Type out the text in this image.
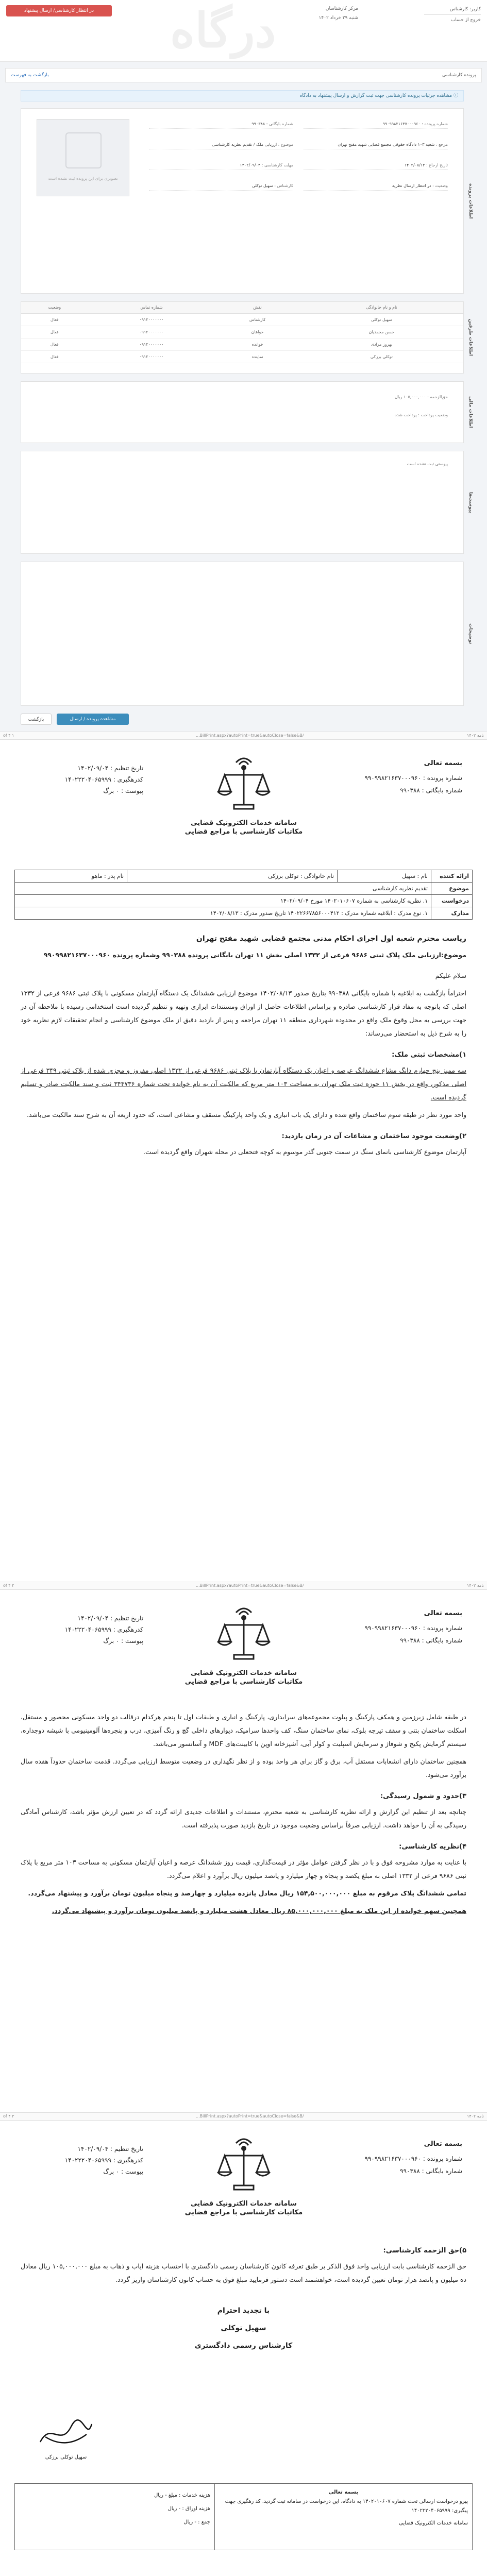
درگاه
در انتظار کارشناسی/ ارسال پیشنهاد	مرکز کارشناسان
شنبه ۲۹ خرداد ۱۴۰۲
کاربر: کارشناس
خروج از حساب
پرونده کارشناسی
بازگشت به فهرست
ⓘ مشاهده جزئیات پرونده کارشناسی جهت ثبت گزارش و ارسال پیشنهاد به دادگاه
اطلاعات پرونده
تصویری برای این پرونده ثبت نشده است
شماره پرونده : ۹۹۰۹۹۸۲۱۶۳۷۰۰۰۹۶۰
شماره بایگانی : ۹۹۰۳۸۸
مرجع : شعبه ۱۰۳ دادگاه حقوقی مجتمع قضایی شهید مفتح تهران
موضوع : ارزیابی ملک / تقدیم نظریه کارشناسی
تاریخ ارجاع : ۱۴۰۲/۰۸/۱۳
مهلت کارشناسی : ۱۴۰۲/۰۹/۰۴
وضعیت : در انتظار ارسال نظریه
کارشناس : سهیل توکلی
اطلاعات طرفین
نام و نام خانوادگی	نقش	شماره تماس	وضعیت
سهیل توکلی	کارشناس	۰۹۱۲۰۰۰۰۰۰۰	فعال
حسن محمدیان	خواهان	۰۹۱۲۰۰۰۰۰۰۰	فعال
بهروز مرادی	خوانده	۰۹۱۲۰۰۰۰۰۰۰	فعال
توکلی برزکی	نماینده	۰۹۱۲۰۰۰۰۰۰۰	فعال
اطلاعات مالی
حق‌الزحمه : ۱۰۵,۰۰۰,۰۰۰ ریال
وضعیت پرداخت : پرداخت شده
پیوست‌ها
پیوستی ثبت نشده است
توضیحات
بازگشت	مشاهده پرونده / ارسال
۱ of ۴	/BillPrint.aspx?autoPrint=true&autoClose=false&B...	نامه ۱۴۰۲
بسمه تعالی
شماره پرونده : ۹۹۰۹۹۸۲۱۶۳۷۰۰۰۹۶۰
شماره بایگانی : ۹۹۰۳۸۸
سامانه خدمات الکترونیک قضایی
مکاتبات کارشناسی با مراجع قضایی
تاریخ تنظیم : ۱۴۰۲/۰۹/۰۴
کدرهگیری : ۱۴۰۲۲۲۰۴۰۶۵۹۹۹
پیوست : ۰ برگ
ارائه کننده	نام : سهیل	نام خانوادگی : توکلی برزکی	نام پدر : ماهو
موضوع	تقدیم نظریه کارشناسی		
درخواست	۱. نظریه کارشناسی به شماره ۱۴۰۲۰۱۰۶۰۷ مورخ ۱۴۰۲/۰۹/۰۴		
مدارک	۱. نوع مدرک : ابلاغیه شماره مدرک : ۱۴۰۲۲۶۶۷۸۵۶۰۰۰۴۱۲ تاریخ صدور مدرک : ۱۴۰۲/۰۸/۱۳		
ریاست محترم شعبه اول اجرای احکام مدنی مجتمع قضایی شهید مفتح تهران

موضوع:ارزیابی ملک پلاک ثبتی ۹۶۸۶ فرعی از ۱۳۳۲ اصلی بخش ۱۱ تهران بایگانی پرونده ۹۹۰۳۸۸ وشماره پرونده ۹۹۰۹۹۸۲۱۶۳۷۰۰۰۹۶۰

سلام علیکم

احتراماً بازگشت به ابلاغیه با شماره بایگانی ۹۹۰۳۸۸ بتاریخ صدور ۱۴۰۲/۰۸/۱۳ موضوع ارزیابی ششدانگ یک دستگاه آپارتمان مسکونی با پلاک ثبتی ۹۶۸۶ فرعی از ۱۳۳۲ اصلی که باتوجه به مفاد قرار کارشناسی صادره و براساس اطلاعات حاصل از اوراق ومستندات ابرازی وتهیه و تنظیم گردیده است استخدامی رسیده با ملاحظه آن در جهت بررسی به محل وقوع ملک واقع در محدوده شهرداری منطقه ۱۱ تهران مراجعه و پس از بازدید دقیق از ملک موضوع کارشناسی و انجام تحقیقات لازم نظریه خود را به شرح ذیل به استحضار می‌رساند:

۱)مشخصات ثبتی ملک:

سه ممیز پنج چهارم دانگ مشاع ششدانگ عرصه و اعیان یک دستگاه آپارتمان با پلاک ثبتی ۹۶۸۶ فرعی از ۱۳۳۲ اصلی مفروز و مجزی شده از پلاک ثبتی ۳۴۹ فرعی از اصلی مذکور، واقع در بخش ۱۱ حوزه ثبت ملک تهران به مساحت ۱۰۳ متر مربع که مالکیت آن به نام خوانده تحت شماره ۳۴۴۷۳۶ ثبت و سند مالکیت صادر و تسلیم گردیده است.

واحد مورد نظر در طبقه سوم ساختمان واقع شده و دارای یک باب انباری و یک واحد پارکینگ مسقف و مشاعی است، که حدود اربعه آن به شرح سند مالکیت می‌باشد.

۲)وضعیت موجود ساختمان و مشاعات آن در زمان بازدید:

آپارتمان موضوع کارشناسی بانمای سنگ در سمت جنوبی گذر موسوم به کوچه فتحعلی در محله شهران واقع گردیده است.

۲ of ۴	/BillPrint.aspx?autoPrint=true&autoClose=false&B...	نامه ۱۴۰۲
بسمه تعالی
شماره پرونده : ۹۹۰۹۹۸۲۱۶۳۷۰۰۰۹۶۰
شماره بایگانی : ۹۹۰۳۸۸
سامانه خدمات الکترونیک قضایی
مکاتبات کارشناسی با مراجع قضایی
تاریخ تنظیم : ۱۴۰۲/۰۹/۰۴
کدرهگیری : ۱۴۰۲۲۲۰۴۰۶۵۹۹۹
پیوست : ۰ برگ

در طبقه شامل زیرزمین و همکف پارکینگ و پیلوت مجموعه‌های سرایداری، پارکینگ و انباری و طبقات اول تا پنجم هرکدام درقالب دو واحد مسکونی محصور و مستقل، اسکلت ساختمان بتنی و سقف تیرچه بلوک، نمای ساختمان سنگ، کف واحدها سرامیک، دیوارهای داخلی گچ و رنگ آمیزی، درب و پنجره‌ها آلومینیومی با شیشه دوجداره، سیستم گرمایش پکیج و شوفاژ و سرمایش اسپلیت و کولر آبی، آشپزخانه اوپن با کابینت‌های MDF و آسانسور می‌باشد.

همچنین ساختمان دارای انشعابات مستقل آب، برق و گاز برای هر واحد بوده و از نظر نگهداری در وضعیت متوسط ارزیابی می‌گردد. قدمت ساختمان حدوداً هفده سال برآورد می‌شود.

۳)حدود و شمول رسیدگی:

چنانچه بعد از تنظیم این گزارش و ارائه نظریه کارشناسی به شعبه محترم، مستندات و اطلاعات جدیدی ارائه گردد که در تعیین ارزش مؤثر باشد، کارشناس آمادگی رسیدگی به آن را خواهد داشت. ارزیابی صرفاً براساس وضعیت موجود در تاریخ بازدید صورت پذیرفته است.

۴)نظریه کارشناسی:

با عنایت به موارد مشروحه فوق و با در نظر گرفتن عوامل مؤثر در قیمت‌گذاری، قیمت روز ششدانگ عرصه و اعیان آپارتمان مسکونی به مساحت ۱۰۳ متر مربع با پلاک ثبتی ۹۶۸۶ فرعی از ۱۳۳۲ اصلی به مبلغ یکصد و پنجاه و چهار میلیارد و پانصد میلیون ریال برآورد و اعلام می‌گردد.

تمامی ششدانگ پلاک مرقوم به مبلغ ۱۵۴,۵۰۰,۰۰۰,۰۰۰ ریال معادل پانزده میلیارد و چهارصد و پنجاه میلیون تومان برآورد و پیشنهاد می‌گردد.

همچنین سهم خوانده از این ملک به مبلغ ۸۵,۰۰۰,۰۰۰,۰۰۰ ریال معادل هشت میلیارد و پانصد میلیون تومان برآورد و پیشنهاد می‌گردد.

۳ of ۴	/BillPrint.aspx?autoPrint=true&autoClose=false&B...	نامه ۱۴۰۲
بسمه تعالی
شماره پرونده : ۹۹۰۹۹۸۲۱۶۳۷۰۰۰۹۶۰
شماره بایگانی : ۹۹۰۳۸۸
سامانه خدمات الکترونیک قضایی
مکاتبات کارشناسی با مراجع قضایی
تاریخ تنظیم : ۱۴۰۲/۰۹/۰۴
کدرهگیری : ۱۴۰۲۲۲۰۴۰۶۵۹۹۹
پیوست : ۰ برگ
۵)حق الزحمه کارشناسی:

حق الزحمه کارشناسی بابت ارزیابی واحد فوق الذکر بر طبق تعرفه کانون کارشناسان رسمی دادگستری با احتساب هزینه ایاب و ذهاب به مبلغ ۱۰۵,۰۰۰,۰۰۰ ریال معادل ده میلیون و پانصد هزار تومان تعیین گردیده است، خواهشمند است دستور فرمایید مبلغ فوق به حساب کانون کارشناسان واریز گردد.

با تجدید احترام
سهیل توکلی
کارشناس رسمی دادگستری
سهیل توکلی برزکی
بسمه تعالی
پیرو درخواست ارسالی تحت شماره ۱۴۰۲۰۱۰۶۰۷ به دادگاه، این درخواست در سامانه ثبت گردید. کد رهگیری جهت پیگیری: ۱۴۰۲۲۲۰۴۰۶۵۹۹۹
سامانه خدمات الکترونیک قضایی
هزینه خدمات : مبلغ - ریال
هزینه اوراق : - ریال
جمع : - ریال
